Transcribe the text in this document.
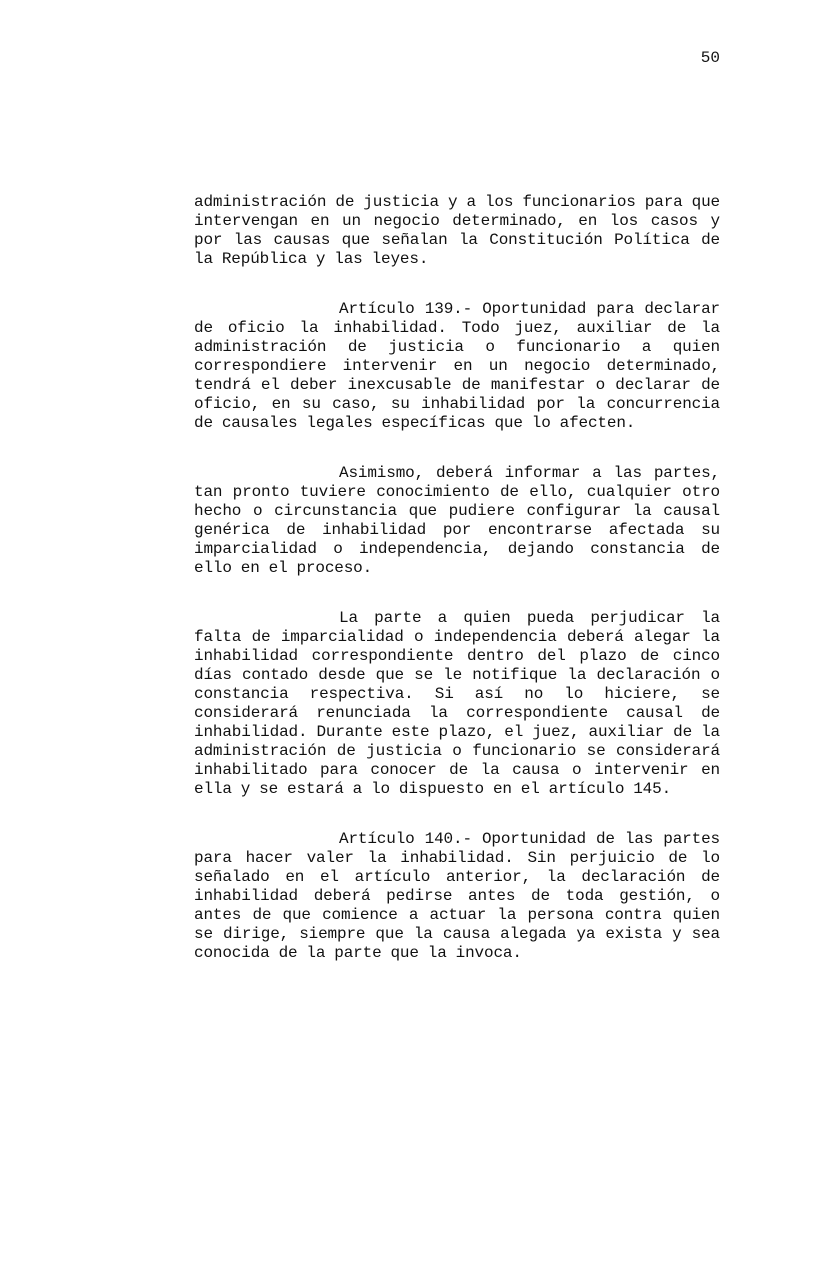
50

administración de justicia y a los funcionarios para que intervengan en un negocio determinado, en los casos y por las causas que señalan la Constitución Política de la República y las leyes.

Artículo 139.- Oportunidad para declarar de oficio la inhabilidad. Todo juez, auxiliar de la administración de justicia o funcionario a quien correspondiere intervenir en un negocio determinado, tendrá el deber inexcusable de manifestar o declarar de oficio, en su caso, su inhabilidad por la concurrencia de causales legales específicas que lo afecten.

Asimismo, deberá informar a las partes, tan pronto tuviere conocimiento de ello, cualquier otro hecho o circunstancia que pudiere configurar la causal genérica de inhabilidad por encontrarse afectada su imparcialidad o independencia, dejando constancia de ello en el proceso.

La parte a quien pueda perjudicar la falta de imparcialidad o independencia deberá alegar la inhabilidad correspondiente dentro del plazo de cinco días contado desde que se le notifique la declaración o constancia respectiva. Si así no lo hiciere, se considerará renunciada la correspondiente causal de inhabilidad. Durante este plazo, el juez, auxiliar de la administración de justicia o funcionario se considerará inhabilitado para conocer de la causa o intervenir en ella y se estará a lo dispuesto en el artículo 145.

Artículo 140.- Oportunidad de las partes para hacer valer la inhabilidad. Sin perjuicio de lo señalado en el artículo anterior, la declaración de inhabilidad deberá pedirse antes de toda gestión, o antes de que comience a actuar la persona contra quien se dirige, siempre que la causa alegada ya exista y sea conocida de la parte que la invoca.
